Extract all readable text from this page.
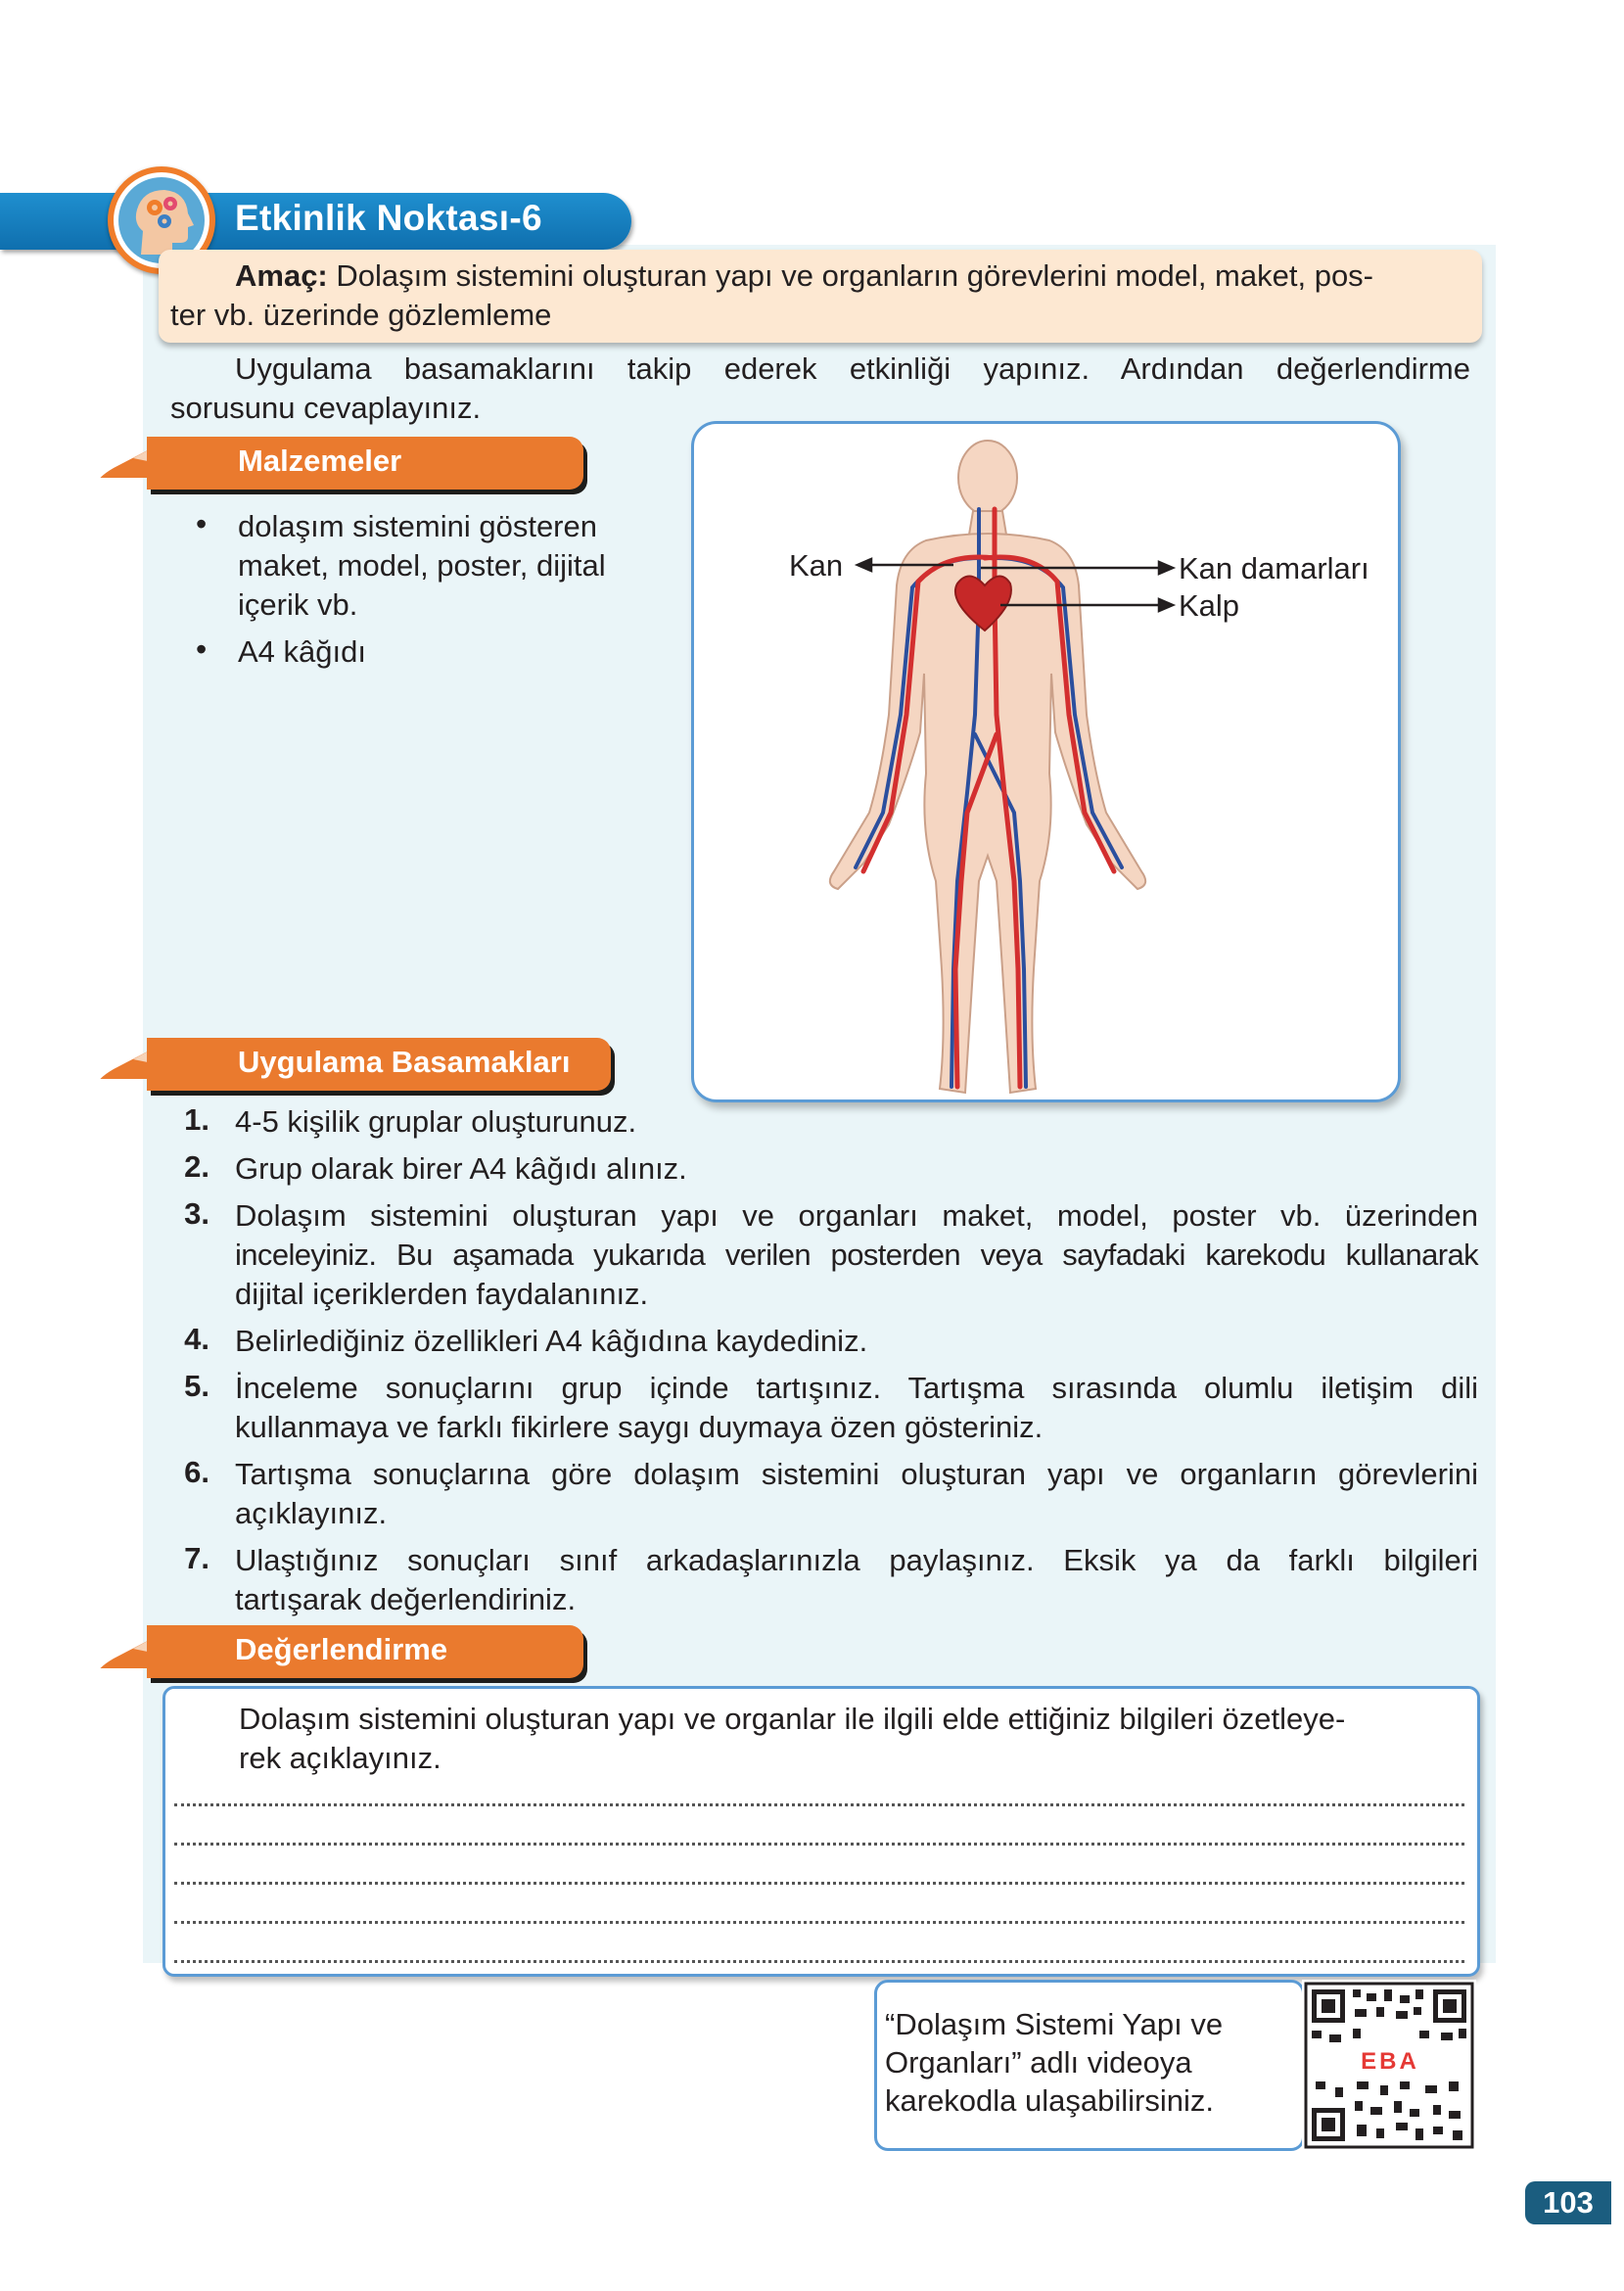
Etkinlik Noktası-6
Amaç: Dolaşım sistemini oluşturan yapı ve organların görevlerini model, maket, pos-
ter vb. üzerinde gözlemleme
Uygulama basamaklarını takip ederek etkinliği yapınız. Ardından değerlendirme
sorusunu cevaplayınız.
Malzemeler
• dolaşım sistemini gösteren
maket, model, poster, dijital
içerik vb.
• A4 kâğıdı
Kan	Kan damarları
Kalp
Uygulama Basamakları
1. 4-5 kişilik gruplar oluşturunuz.
2. Grup olarak birer A4 kâğıdı alınız.
3. Dolaşım sistemini oluşturan yapı ve organları maket, model, poster vb. üzerinden
inceleyiniz. Bu aşamada yukarıda verilen posterden veya sayfadaki karekodu kullanarak
dijital içeriklerden faydalanınız.
4. Belirlediğiniz özellikleri A4 kâğıdına kaydediniz.
5. İnceleme sonuçlarını grup içinde tartışınız. Tartışma sırasında olumlu iletişim dili
kullanmaya ve farklı fikirlere saygı duymaya özen gösteriniz.
6. Tartışma sonuçlarına göre dolaşım sistemini oluşturan yapı ve organların görevlerini
açıklayınız.
7. Ulaştığınız sonuçları sınıf arkadaşlarınızla paylaşınız. Eksik ya da farklı bilgileri
tartışarak değerlendiriniz.
Değerlendirme
Dolaşım sistemini oluşturan yapı ve organlar ile ilgili elde ettiğiniz bilgileri özetleye-
rek açıklayınız.
“Dolaşım Sistemi Yapı ve
Organları” adlı videoya
karekodla ulaşabilirsiniz.
EBA
103
